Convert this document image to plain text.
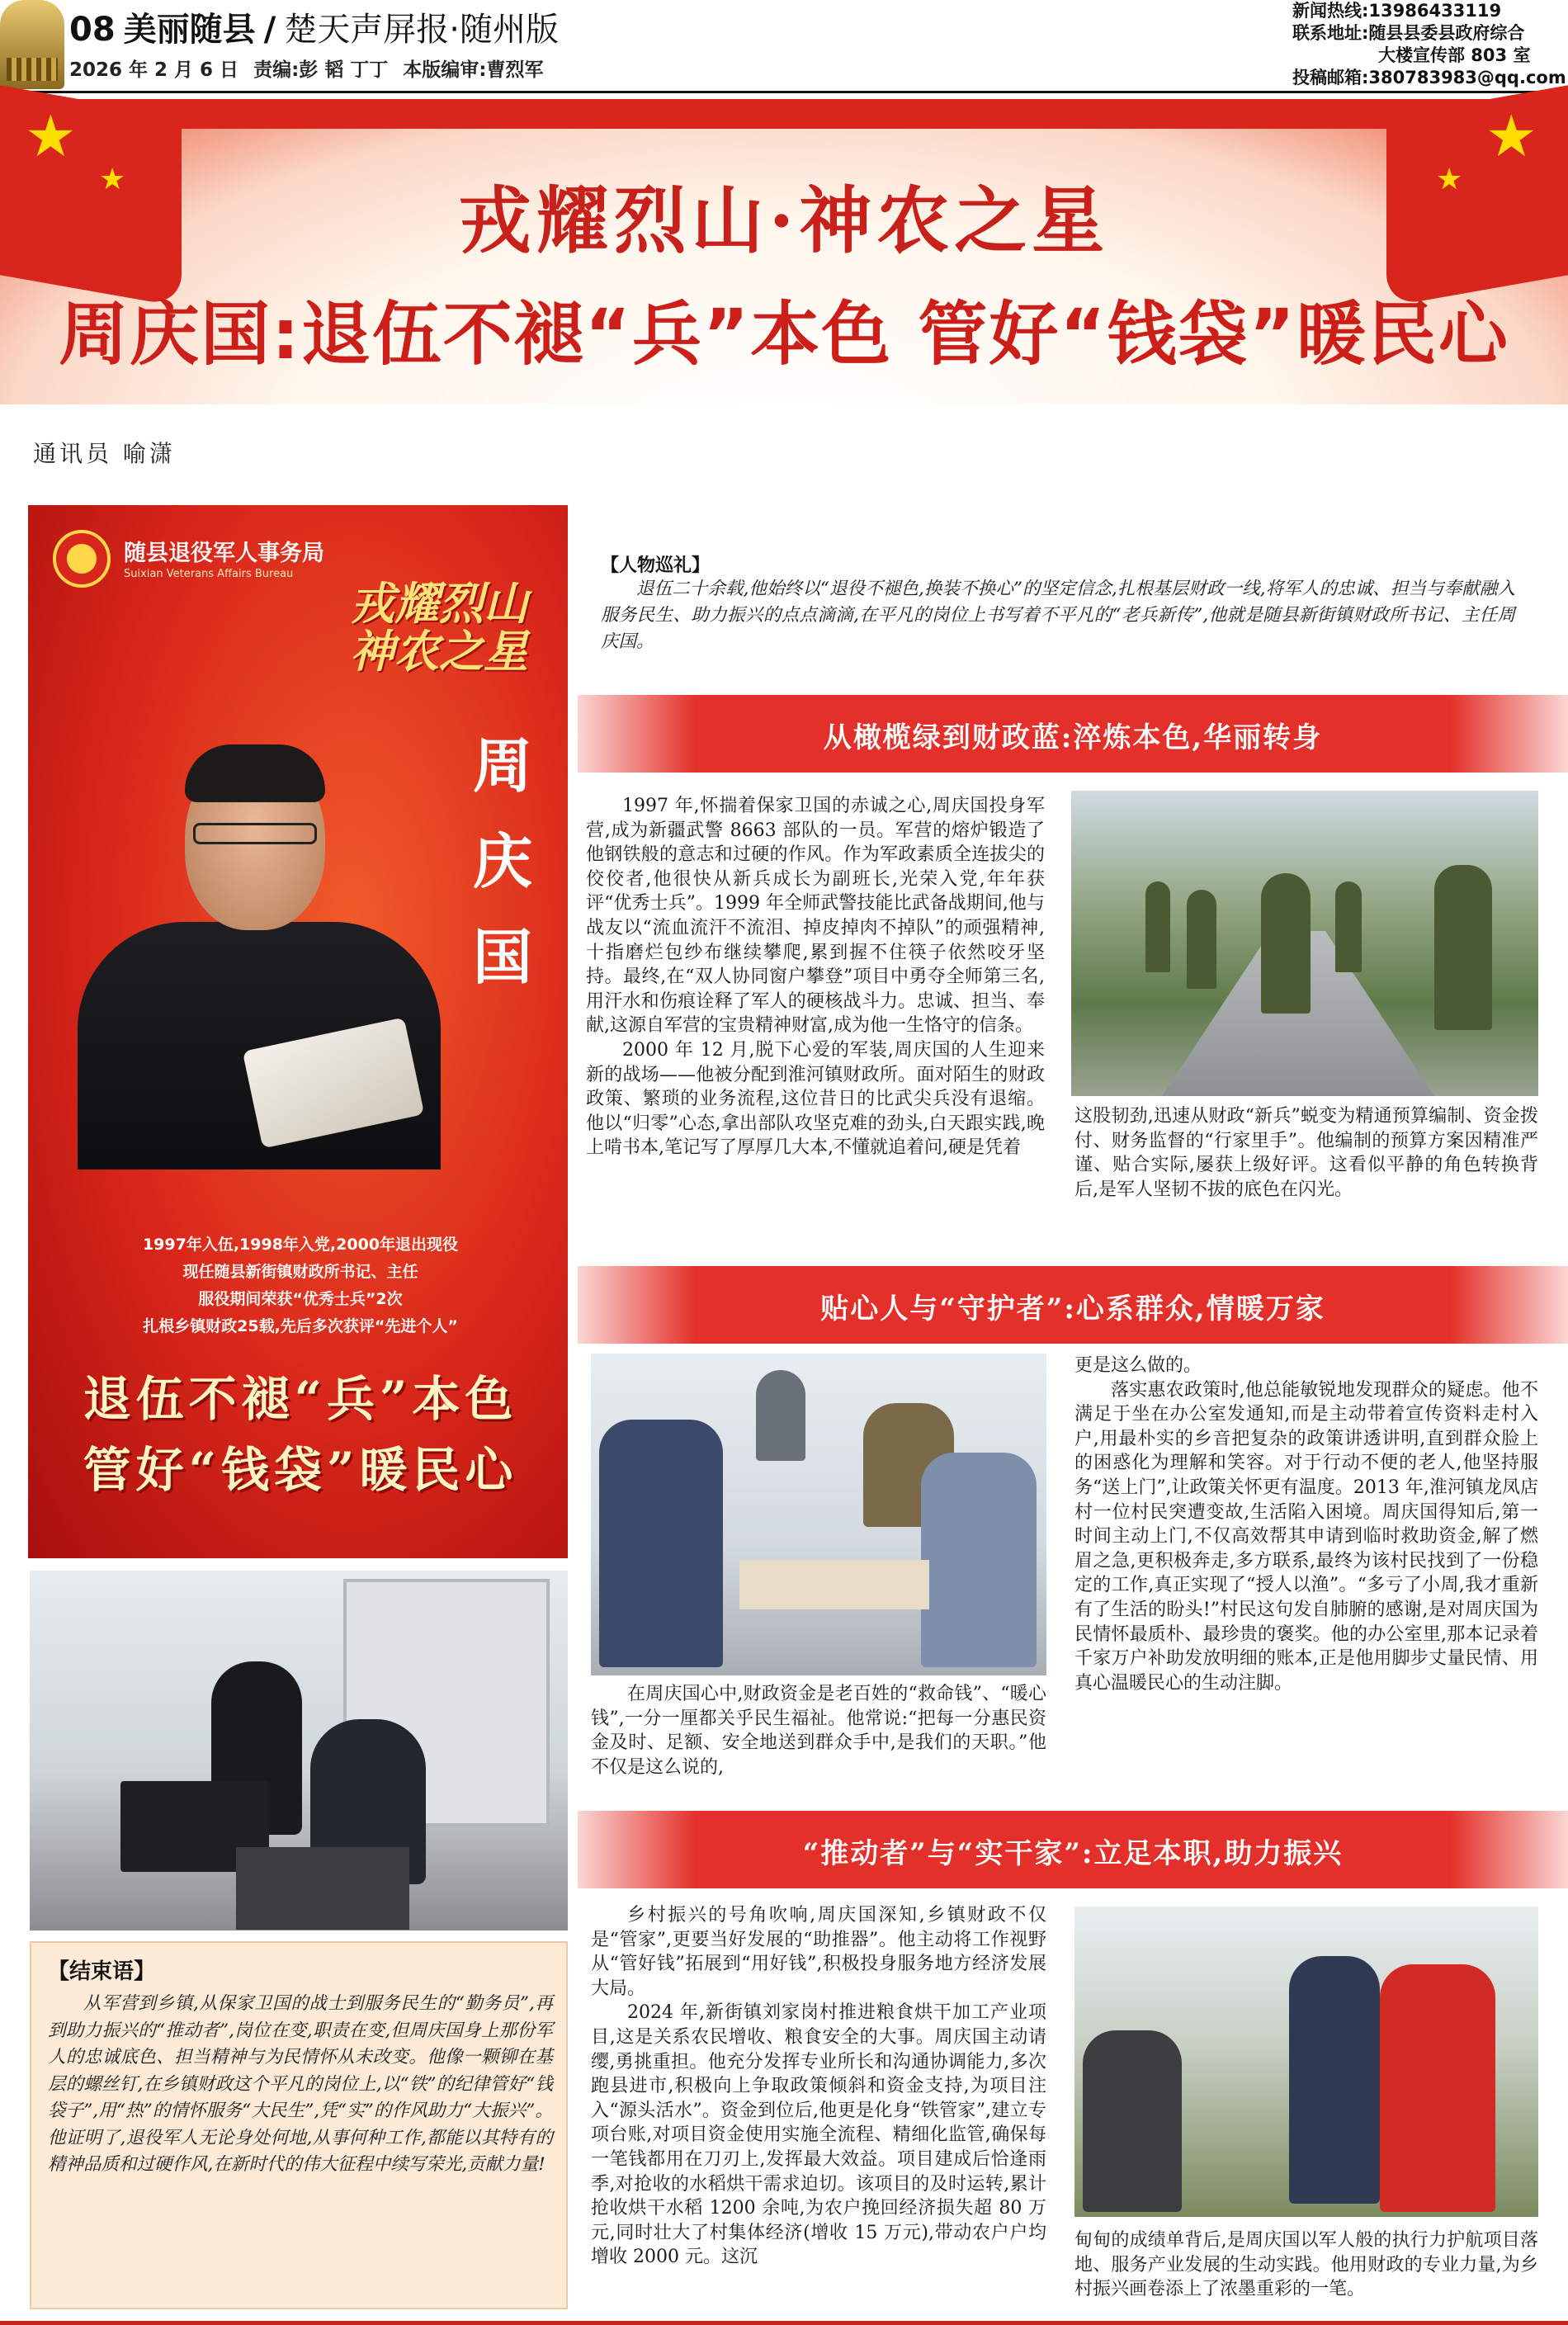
08 美丽随县 / 楚天声屏报·随州版
2026 年 2 月 6 日 责编:彭 韬 丁丁 本版编审:曹烈军
新闻热线:13986433119
联系地址:随县县委县政府综合
大楼宣传部 803 室
投稿邮箱:380783983@qq.com
★
★
★
★
戎耀烈山·神农之星
周庆国:退伍不褪“兵”本色 管好“钱袋”暖民心
通讯员 喻潇
随县退役军人事务局
Suixian Veterans Affairs Bureau
戎耀烈山
神农之星
周
庆
国
1997年入伍,1998年入党,2000年退出现役
现任随县新街镇财政所书记、主任
服役期间荣获“优秀士兵”2次
扎根乡镇财政25载,先后多次获评“先进个人”
退伍不褪“兵”本色
管好“钱袋”暖民心
【结束语】
从军营到乡镇,从保家卫国的战士到服务民生的“勤务员”,再到助力振兴的“推动者”,岗位在变,职责在变,但周庆国身上那份军人的忠诚底色、担当精神与为民情怀从未改变。他像一颗铆在基层的螺丝钉,在乡镇财政这个平凡的岗位上,以“铁”的纪律管好“钱袋子”,用“热”的情怀服务“大民生”,凭“实”的作风助力“大振兴”。他证明了,退役军人无论身处何地,从事何种工作,都能以其特有的精神品质和过硬作风,在新时代的伟大征程中续写荣光,贡献力量!
【人物巡礼】
退伍二十余载,他始终以“退役不褪色,换装不换心”的坚定信念,扎根基层财政一线,将军人的忠诚、担当与奉献融入服务民生、助力振兴的点点滴滴,在平凡的岗位上书写着不平凡的“老兵新传”,他就是随县新街镇财政所书记、主任周庆国。
从橄榄绿到财政蓝:淬炼本色,华丽转身

1997 年,怀揣着保家卫国的赤诚之心,周庆国投身军营,成为新疆武警 8663 部队的一员。军营的熔炉锻造了他钢铁般的意志和过硬的作风。作为军政素质全连拔尖的佼佼者,他很快从新兵成长为副班长,光荣入党,年年获评“优秀士兵”。1999 年全师武警技能比武备战期间,他与战友以“流血流汗不流泪、掉皮掉肉不掉队”的顽强精神,十指磨烂包纱布继续攀爬,累到握不住筷子依然咬牙坚持。最终,在“双人协同窗户攀登”项目中勇夺全师第三名,用汗水和伤痕诠释了军人的硬核战斗力。忠诚、担当、奉献,这源自军营的宝贵精神财富,成为他一生恪守的信条。

2000 年 12 月,脱下心爱的军装,周庆国的人生迎来新的战场——他被分配到淮河镇财政所。面对陌生的财政政策、繁琐的业务流程,这位昔日的比武尖兵没有退缩。他以“归零”心态,拿出部队攻坚克难的劲头,白天跟实践,晚上啃书本,笔记写了厚厚几大本,不懂就追着问,硬是凭着

这股韧劲,迅速从财政“新兵”蜕变为精通预算编制、资金拨付、财务监督的“行家里手”。他编制的预算方案因精准严谨、贴合实际,屡获上级好评。这看似平静的角色转换背后,是军人坚韧不拔的底色在闪光。

贴心人与“守护者”:心系群众,情暖万家

在周庆国心中,财政资金是老百姓的“救命钱”、“暖心钱”,一分一厘都关乎民生福祉。他常说:“把每一分惠民资金及时、足额、安全地送到群众手中,是我们的天职。”他不仅是这么说的,

更是这么做的。

落实惠农政策时,他总能敏锐地发现群众的疑虑。他不满足于坐在办公室发通知,而是主动带着宣传资料走村入户,用最朴实的乡音把复杂的政策讲透讲明,直到群众脸上的困惑化为理解和笑容。对于行动不便的老人,他坚持服务“送上门”,让政策关怀更有温度。2013 年,淮河镇龙凤店村一位村民突遭变故,生活陷入困境。周庆国得知后,第一时间主动上门,不仅高效帮其申请到临时救助资金,解了燃眉之急,更积极奔走,多方联系,最终为该村民找到了一份稳定的工作,真正实现了“授人以渔”。“多亏了小周,我才重新有了生活的盼头!”村民这句发自肺腑的感谢,是对周庆国为民情怀最质朴、最珍贵的褒奖。他的办公室里,那本记录着千家万户补助发放明细的账本,正是他用脚步丈量民情、用真心温暖民心的生动注脚。

“推动者”与“实干家”:立足本职,助力振兴

乡村振兴的号角吹响,周庆国深知,乡镇财政不仅是“管家”,更要当好发展的“助推器”。他主动将工作视野从“管好钱”拓展到“用好钱”,积极投身服务地方经济发展大局。

2024 年,新街镇刘家岗村推进粮食烘干加工产业项目,这是关系农民增收、粮食安全的大事。周庆国主动请缨,勇挑重担。他充分发挥专业所长和沟通协调能力,多次跑县进市,积极向上争取政策倾斜和资金支持,为项目注入“源头活水”。资金到位后,他更是化身“铁管家”,建立专项台账,对项目资金使用实施全流程、精细化监管,确保每一笔钱都用在刀刃上,发挥最大效益。项目建成后恰逢雨季,对抢收的水稻烘干需求迫切。该项目的及时运转,累计抢收烘干水稻 1200 余吨,为农户挽回经济损失超 80 万元,同时壮大了村集体经济(增收 15 万元),带动农户户均增收 2000 元。这沉

甸甸的成绩单背后,是周庆国以军人般的执行力护航项目落地、服务产业发展的生动实践。他用财政的专业力量,为乡村振兴画卷添上了浓墨重彩的一笔。
